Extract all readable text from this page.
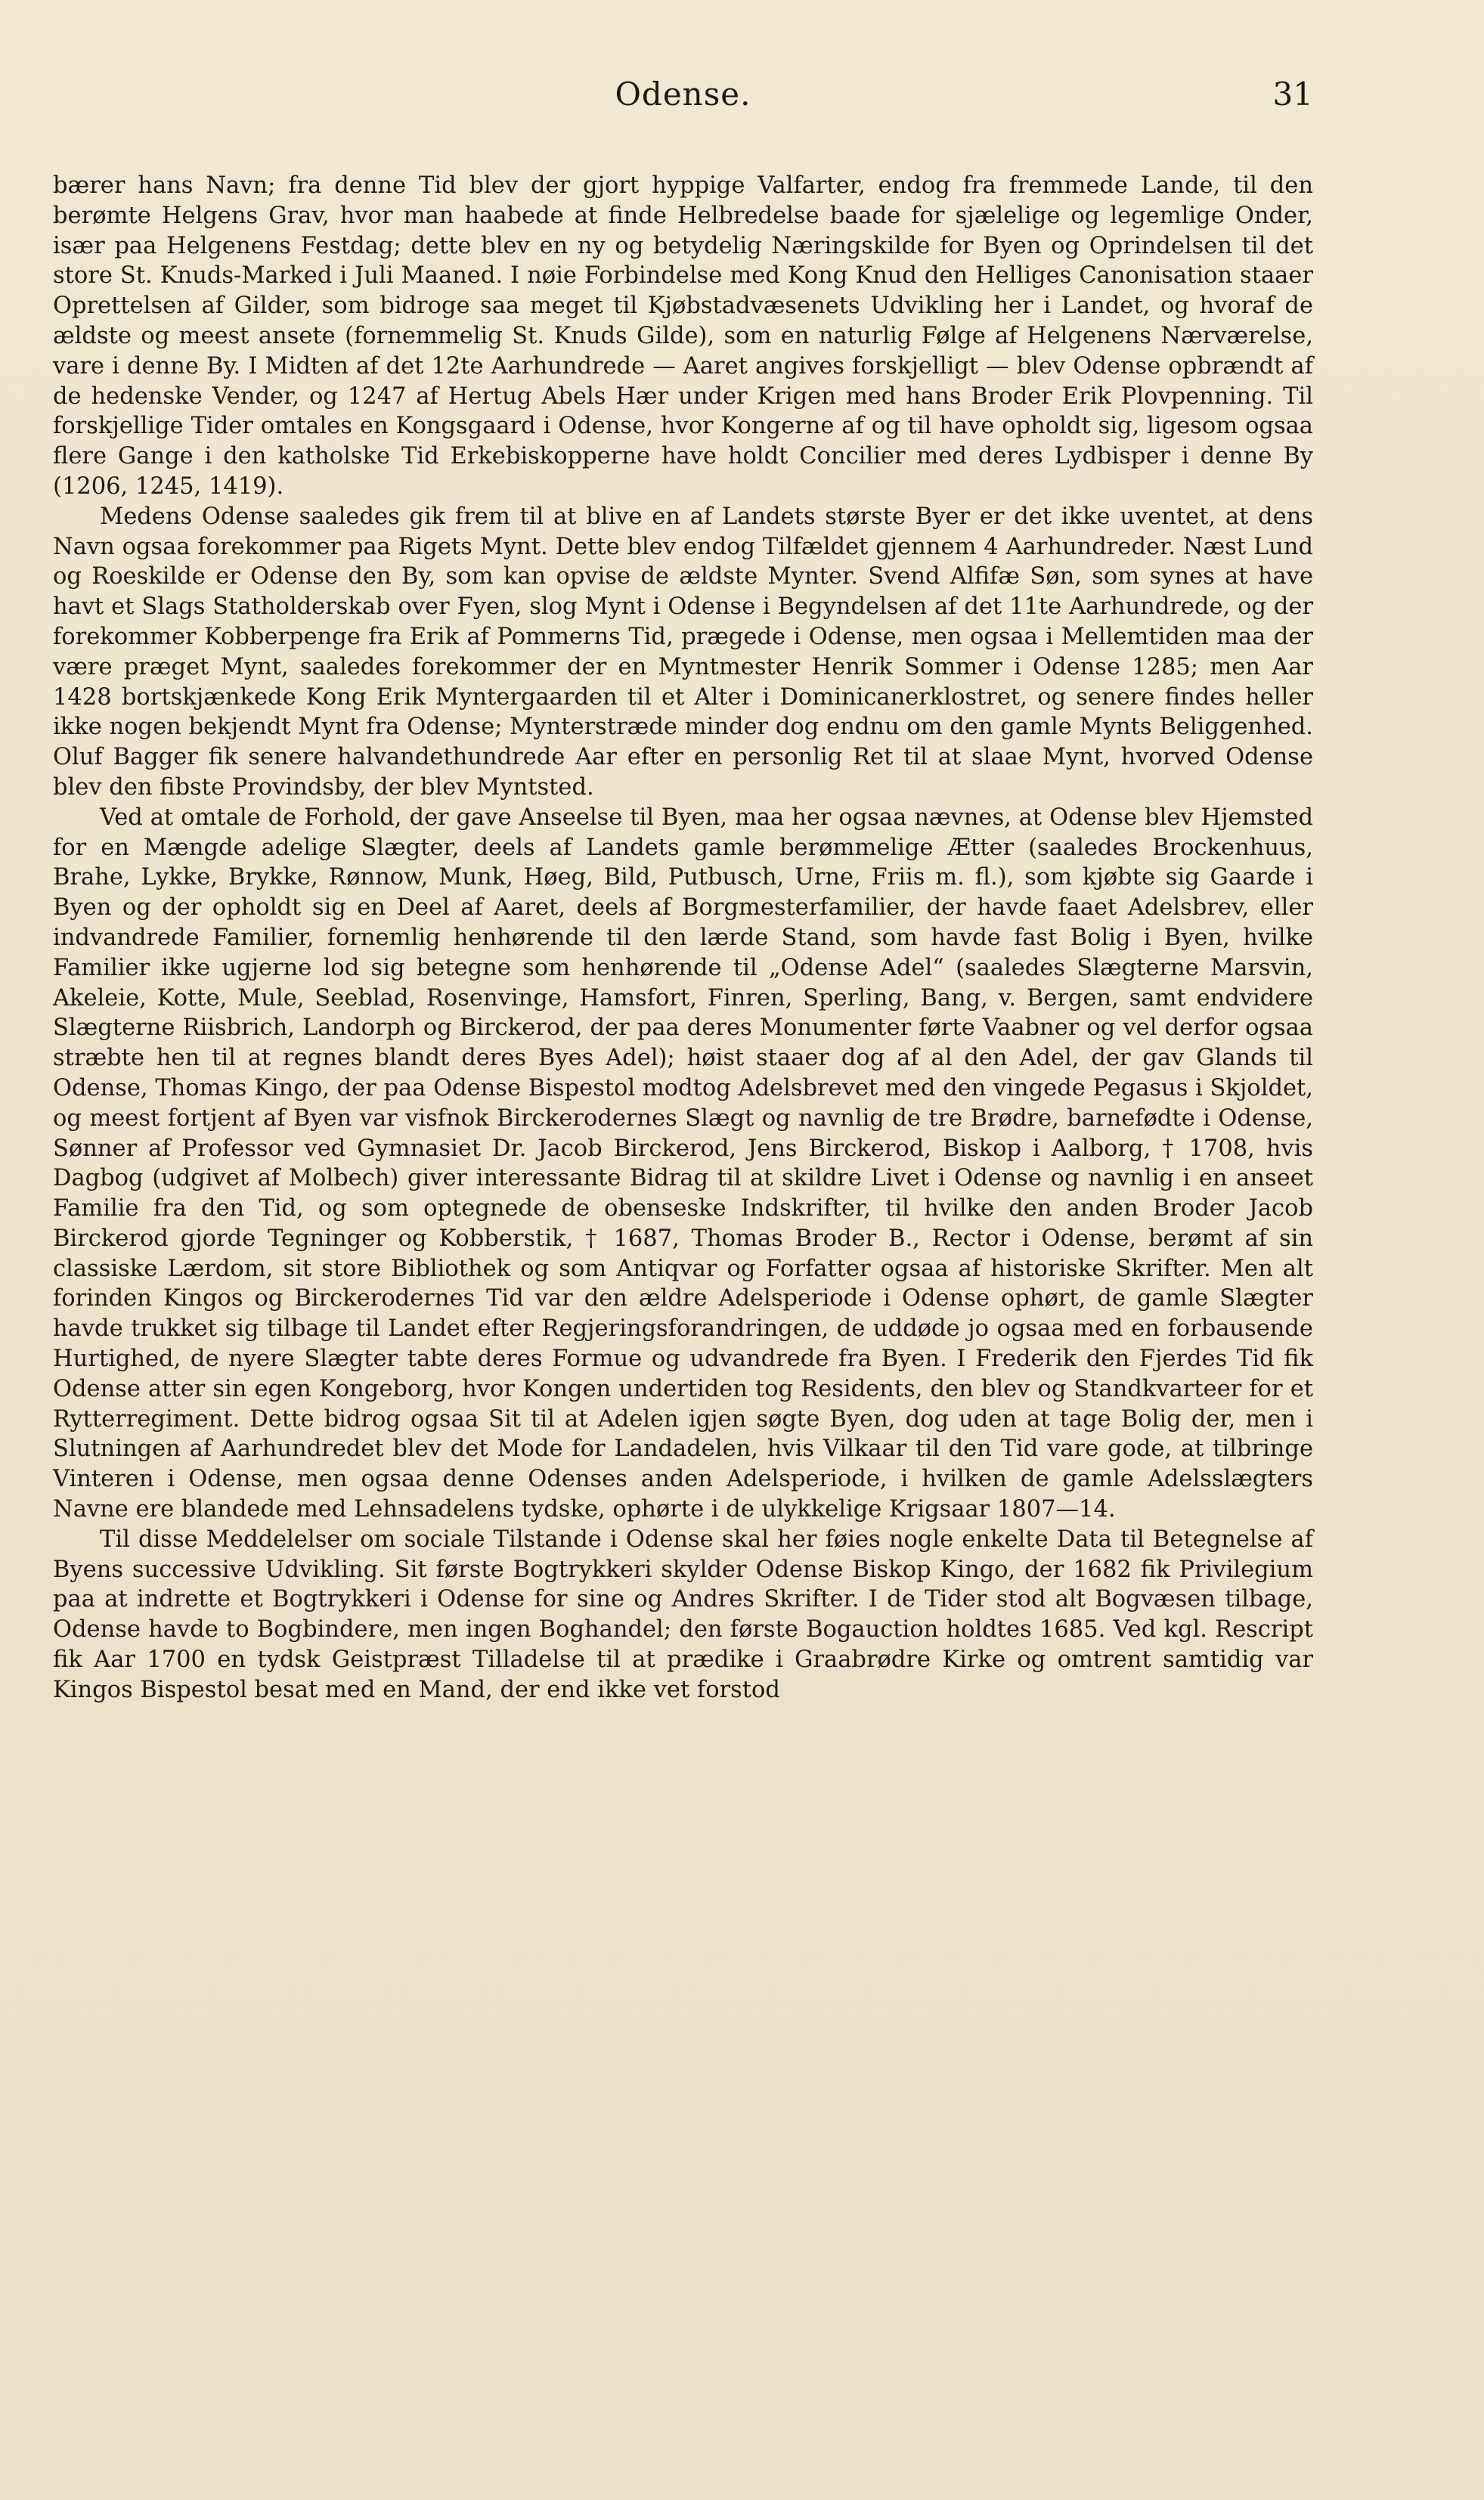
Odense.	31

bærer hans Navn; fra denne Tid blev der gjort hyppige Valfarter, endog fra fremmede Lande, til den berømte Helgens Grav, hvor man haabede at finde Helbredelse baade for sjælelige og legemlige Onder, især paa Helgenens Festdag; dette blev en ny og betydelig Næringskilde for Byen og Oprindelsen til det store St. Knuds-Marked i Juli Maaned. I nøie Forbindelse med Kong Knud den Helliges Canonisation staaer Oprettelsen af Gilder, som bidroge saa meget til Kjøbstadvæsenets Udvikling her i Landet, og hvoraf de ældste og meest ansete (fornemmelig St. Knuds Gilde), som en naturlig Følge af Helgenens Nærværelse, vare i denne By. I Midten af det 12te Aarhundrede — Aaret angives forskjelligt — blev Odense opbrændt af de hedenske Vender, og 1247 af Hertug Abels Hær under Krigen med hans Broder Erik Plovpenning. Til forskjellige Tider omtales en Kongsgaard i Odense, hvor Kongerne af og til have opholdt sig, ligesom ogsaa flere Gange i den katholske Tid Erkebiskopperne have holdt Concilier med deres Lydbisper i denne By (1206, 1245, 1419).

Medens Odense saaledes gik frem til at blive en af Landets største Byer er det ikke uventet, at dens Navn ogsaa forekommer paa Rigets Mynt. Dette blev endog Tilfældet gjennem 4 Aarhundreder. Næst Lund og Roeskilde er Odense den By, som kan opvise de ældste Mynter. Svend Alfifæ Søn, som synes at have havt et Slags Statholderskab over Fyen, slog Mynt i Odense i Begyndelsen af det 11te Aarhundrede, og der forekommer Kobberpenge fra Erik af Pommerns Tid, prægede i Odense, men ogsaa i Mellemtiden maa der være præget Mynt, saaledes forekommer der en Myntmester Henrik Sommer i Odense 1285; men Aar 1428 bortskjænkede Kong Erik Myntergaarden til et Alter i Dominicanerklostret, og senere findes heller ikke nogen bekjendt Mynt fra Odense; Mynterstræde minder dog endnu om den gamle Mynts Beliggenhed. Oluf Bagger fik senere halvandethundrede Aar efter en personlig Ret til at slaae Mynt, hvorved Odense blev den fibste Provindsby, der blev Myntsted.

Ved at omtale de Forhold, der gave Anseelse til Byen, maa her ogsaa nævnes, at Odense blev Hjemsted for en Mængde adelige Slægter, deels af Landets gamle berømmelige Ætter (saaledes Brockenhuus, Brahe, Lykke, Brykke, Rønnow, Munk, Høeg, Bild, Putbusch, Urne, Friis m. fl.), som kjøbte sig Gaarde i Byen og der opholdt sig en Deel af Aaret, deels af Borgmesterfamilier, der havde faaet Adelsbrev, eller indvandrede Familier, fornemlig henhørende til den lærde Stand, som havde fast Bolig i Byen, hvilke Familier ikke ugjerne lod sig betegne som henhørende til „Odense Adel“ (saaledes Slægterne Marsvin, Akeleie, Kotte, Mule, Seeblad, Rosenvinge, Hamsfort, Finren, Sperling, Bang, v. Bergen, samt endvidere Slægterne Riisbrich, Landorph og Birckerod, der paa deres Monumenter førte Vaabner og vel derfor ogsaa stræbte hen til at regnes blandt deres Byes Adel); høist staaer dog af al den Adel, der gav Glands til Odense, Thomas Kingo, der paa Odense Bispestol modtog Adelsbrevet med den vingede Pegasus i Skjoldet, og meest fortjent af Byen var visfnok Birckerodernes Slægt og navnlig de tre Brødre, barnefødte i Odense, Sønner af Professor ved Gymnasiet Dr. Jacob Birckerod, Jens Birckerod, Biskop i Aalborg, † 1708, hvis Dagbog (udgivet af Molbech) giver interessante Bidrag til at skildre Livet i Odense og navnlig i en anseet Familie fra den Tid, og som optegnede de obenseske Indskrifter, til hvilke den anden Broder Jacob Birckerod gjorde Tegninger og Kobberstik, † 1687, Thomas Broder B., Rector i Odense, berømt af sin classiske Lærdom, sit store Bibliothek og som Antiqvar og Forfatter ogsaa af historiske Skrifter. Men alt forinden Kingos og Birckerodernes Tid var den ældre Adelsperiode i Odense ophørt, de gamle Slægter havde trukket sig tilbage til Landet efter Regjeringsforandringen, de uddøde jo ogsaa med en forbausende Hurtighed, de nyere Slægter tabte deres Formue og udvandrede fra Byen. I Frederik den Fjerdes Tid fik Odense atter sin egen Kongeborg, hvor Kongen undertiden tog Residents, den blev og Standkvarteer for et Rytterregiment. Dette bidrog ogsaa Sit til at Adelen igjen søgte Byen, dog uden at tage Bolig der, men i Slutningen af Aarhundredet blev det Mode for Landadelen, hvis Vilkaar til den Tid vare gode, at tilbringe Vinteren i Odense, men ogsaa denne Odenses anden Adelsperiode, i hvilken de gamle Adelsslægters Navne ere blandede med Lehnsadelens tydske, ophørte i de ulykkelige Krigsaar 1807—14.

Til disse Meddelelser om sociale Tilstande i Odense skal her føies nogle enkelte Data til Betegnelse af Byens successive Udvikling. Sit første Bogtrykkeri skylder Odense Biskop Kingo, der 1682 fik Privilegium paa at indrette et Bogtrykkeri i Odense for sine og Andres Skrifter. I de Tider stod alt Bogvæsen tilbage, Odense havde to Bogbindere, men ingen Boghandel; den første Bogauction holdtes 1685. Ved kgl. Rescript fik Aar 1700 en tydsk Geistpræst Tilladelse til at prædike i Graabrødre Kirke og omtrent samtidig var Kingos Bispestol besat med en Mand, der end ikke vet forstod
